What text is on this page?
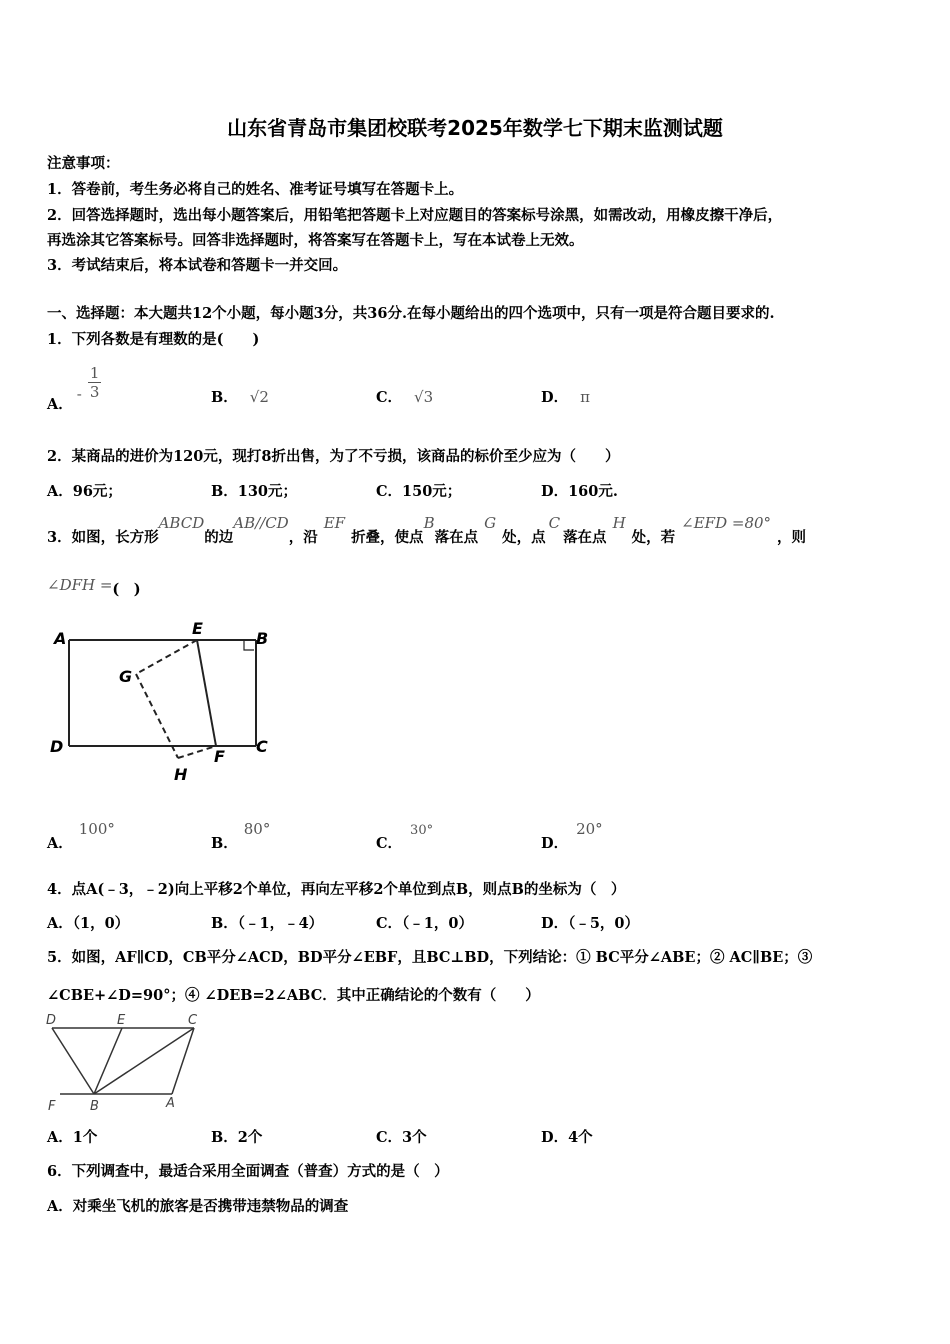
山东省青岛市集团校联考2025年数学七下期末监测试题
注意事项：
1．答卷前，考生务必将自己的姓名、准考证号填写在答题卡上。
2．回答选择题时，选出每小题答案后，用铅笔把答题卡上对应题目的答案标号涂黑，如需改动，用橡皮擦干净后，
再选涂其它答案标号。回答非选择题时，将答案写在答题卡上，写在本试卷上无效。
3．考试结束后，将本试卷和答题卡一并交回。
一、选择题：本大题共12个小题，每小题3分，共36分.在每小题给出的四个选项中，只有一项是符合题目要求的.
1．下列各数是有理数的是(　　)
A．- $\frac{1}{3}$	B． √2	C． √3	D． π
2．某商品的进价为120元，现打8折出售，为了不亏损，该商品的标价至少应为（　　）
A．96元；	B．130元；	C．150元；	D．160元.
3．如图，长方形ABCD的边AB//CD，沿EF折叠，使点B落在点G处，点C落在点H处，若∠EFD =80°，则
∠DFH =(　)
A
E
B
G
D
F
C
H
A．100°
B．80°
C．30°
D．20°
4．点A(﹣3，﹣2)向上平移2个单位，再向左平移2个单位到点B，则点B的坐标为（　）
A．（1，0）	B．（﹣1，﹣4）	C．（﹣1，0）	D．（﹣5，0）
5．如图，AF∥CD，CB平分∠ACD，BD平分∠EBF，且BC⊥BD，下列结论：① BC平分∠ABE；② AC∥BE；③
∠CBE+∠D=90°；④ ∠DEB=2∠ABC．其中正确结论的个数有（　　）
D	E	C
F	B	A
A．1个	B．2个	C．3个	D．4个
6．下列调查中，最适合采用全面调查（普查）方式的是（　）
A．对乘坐飞机的旅客是否携带违禁物品的调查
